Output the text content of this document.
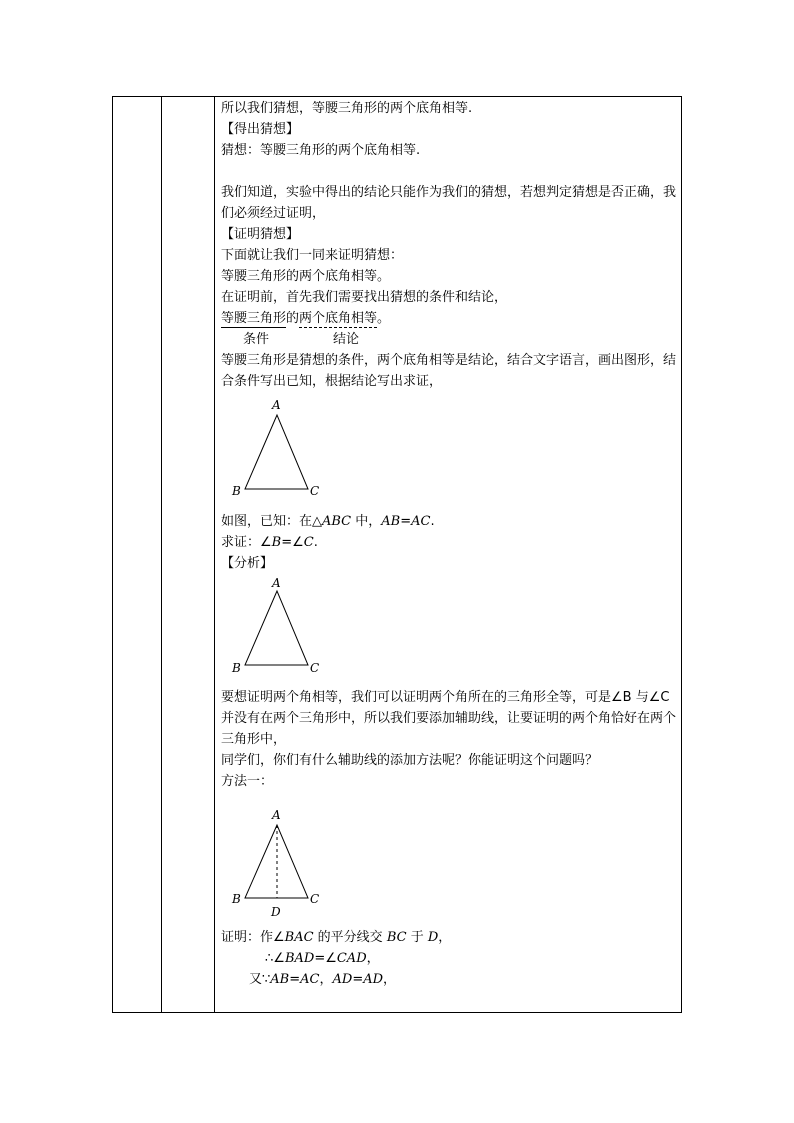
所以我们猜想，等腰三角形的两个底角相等.
【得出猜想】
猜想：等腰三角形的两个底角相等.
我们知道，实验中得出的结论只能作为我们的猜想，若想判定猜想是否正确，我们必须经过证明，
【证明猜想】
下面就让我们一同来证明猜想：
等腰三角形的两个底角相等。
在证明前，首先我们需要找出猜想的条件和结论，
等腰三角形的两个底角相等。
条件	结论
等腰三角形是猜想的条件，两个底角相等是结论，结合文字语言，画出图形，结合条件写出已知，根据结论写出求证，
A
B	C
如图，已知：在△ABC 中，AB=AC.
求证：∠B=∠C.
【分析】
A
B	C
要想证明两个角相等，我们可以证明两个角所在的三角形全等，可是∠B 与∠C 并没有在两个三角形中，所以我们要添加辅助线，让要证明的两个角恰好在两个三角形中，
同学们，你们有什么辅助线的添加方法呢？你能证明这个问题吗？
方法一：
A
B	C
D
证明：作∠BAC 的平分线交 BC 于 D，
∴∠BAD=∠CAD，
又∵AB=AC，AD=AD，
